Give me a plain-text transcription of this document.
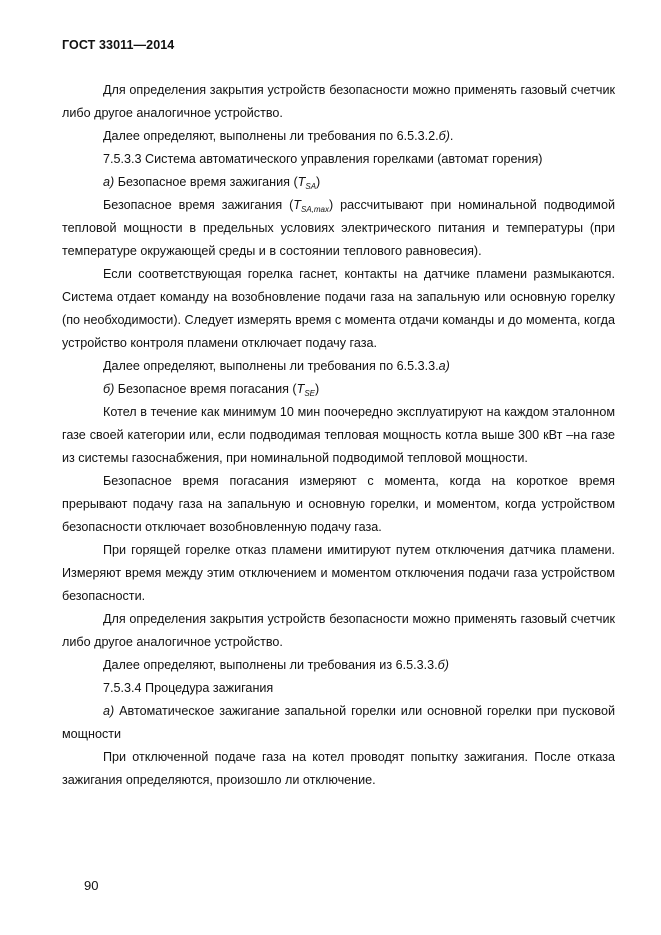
ГОСТ 33011—2014

Для определения закрытия устройств безопасности можно применять газовый счетчик либо другое аналогичное устройство.

Далее определяют, выполнены ли требования по 6.5.3.2.б).

7.5.3.3 Система автоматического управления горелками (автомат горения)

а) Безопасное время зажигания $(T_{SA})$

Безопасное время зажигания $(T_{SA,max})$ рассчитывают при номинальной подводимой тепловой мощности в предельных условиях электрического питания и температуры (при температуре окружающей среды и в состоянии теплового равновесия).

Если соответствующая горелка гаснет, контакты на датчике пламени размыкаются. Система отдает команду на возобновление подачи газа на запальную или основную горелку (по необходимости). Следует измерять время с момента отдачи команды и до момента, когда устройство контроля пламени отключает подачу газа.

Далее определяют, выполнены ли требования по 6.5.3.3.а)

б) Безопасное время погасания $(T_{SE})$

Котел в течение как минимум 10 мин поочередно эксплуатируют на каждом эталонном газе своей категории или, если подводимая тепловая мощность котла выше 300 кВт –на газе из системы газоснабжения, при номинальной подводимой тепловой мощности.

Безопасное время погасания измеряют с момента, когда на короткое время прерывают подачу газа на запальную и основную горелки, и моментом, когда устройством безопасности отключает возобновленную подачу газа.

При горящей горелке отказ пламени имитируют путем отключения датчика пламени. Измеряют время между этим отключением и моментом отключения подачи газа устройством безопасности.

Для определения закрытия устройств безопасности можно применять газовый счетчик либо другое аналогичное устройство.

Далее определяют, выполнены ли требования из 6.5.3.3.б)

7.5.3.4 Процедура зажигания

а) Автоматическое зажигание запальной горелки или основной горелки при пусковой мощности

При отключенной подаче газа на котел проводят попытку зажигания. После отказа зажигания определяются, произошло ли отключение.

90
